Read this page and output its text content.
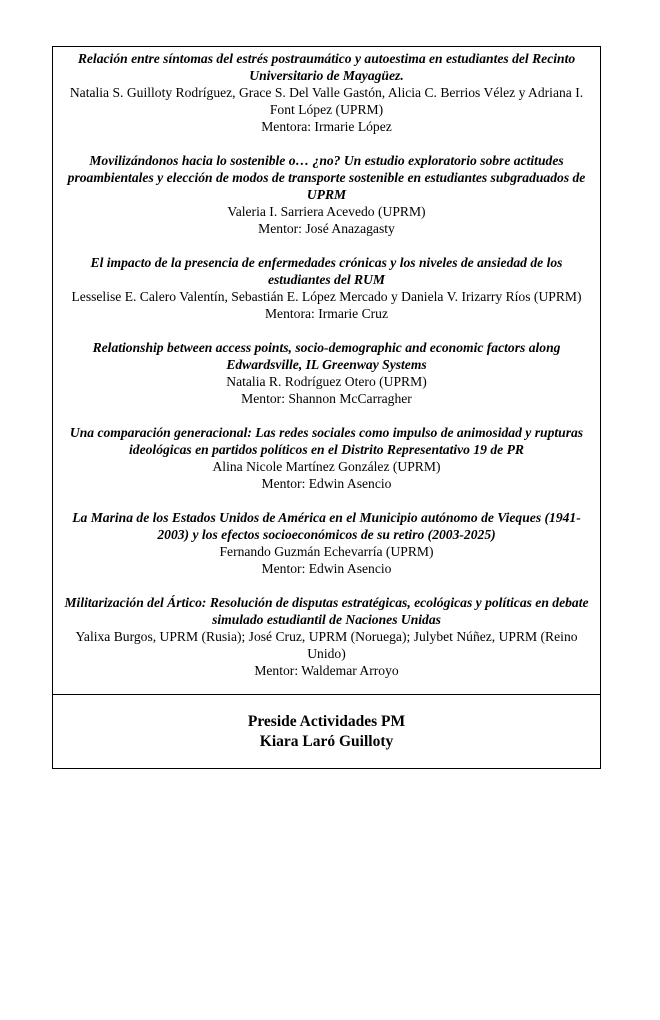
Relación entre síntomas del estrés postraumático y autoestima en estudiantes del Recinto Universitario de Mayagüez.
Natalia S. Guilloty Rodríguez, Grace S. Del Valle Gastón, Alicia C. Berrios Vélez y Adriana I. Font López (UPRM)
Mentora: Irmarie López
Movilizándonos hacia lo sostenible o… ¿no? Un estudio exploratorio sobre actitudes proambientales y elección de modos de transporte sostenible en estudiantes subgraduados de UPRM
Valeria I. Sarriera Acevedo (UPRM)
Mentor: José Anazagasty
El impacto de la presencia de enfermedades crónicas y los niveles de ansiedad de los estudiantes del RUM
Lesselise E. Calero Valentín, Sebastián E. López Mercado y Daniela V. Irizarry Ríos (UPRM)
Mentora: Irmarie Cruz
Relationship between access points, socio-demographic and economic factors along Edwardsville, IL Greenway Systems
Natalia R. Rodríguez Otero (UPRM)
Mentor: Shannon McCarragher
Una comparación generacional: Las redes sociales como impulso de animosidad y rupturas ideológicas en partidos políticos en el Distrito Representativo 19 de PR
Alina Nicole Martínez González (UPRM)
Mentor: Edwin Asencio
La Marina de los Estados Unidos de América en el Municipio autónomo de Vieques (1941-2003) y los efectos socioeconómicos de su retiro (2003-2025)
Fernando Guzmán Echevarría (UPRM)
Mentor: Edwin Asencio
Militarización del Ártico: Resolución de disputas estratégicas, ecológicas y políticas en debate simulado estudiantil de Naciones Unidas
Yalixa Burgos, UPRM (Rusia); José Cruz, UPRM (Noruega); Julybet Núñez, UPRM (Reino Unido)
Mentor: Waldemar Arroyo
Preside Actividades PM
Kiara Laró Guilloty
